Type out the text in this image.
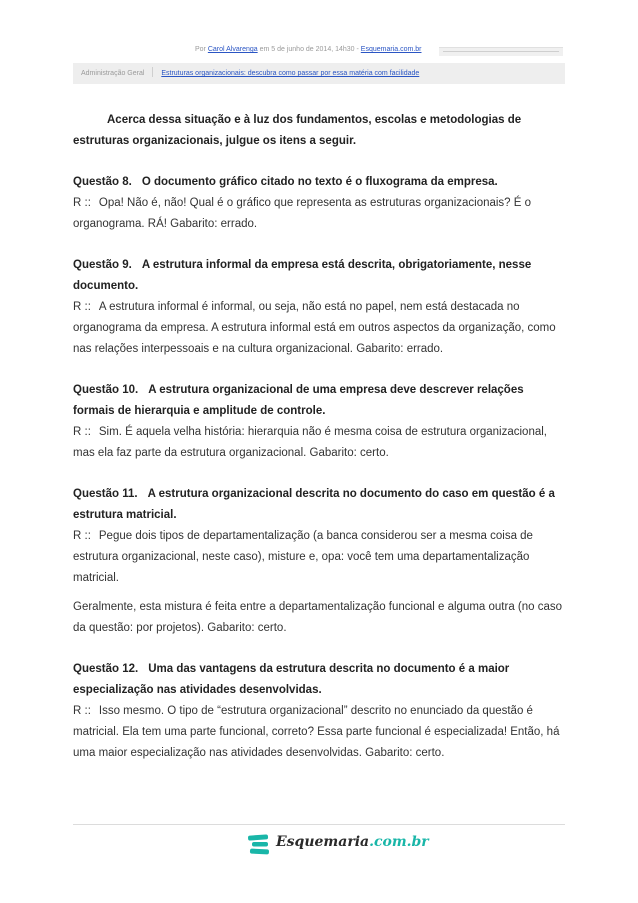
Por Carol Alvarenga em 5 de junho de 2014, 14h30 - Esquemaria.com.br
Administração Geral Estruturas organizacionais: descubra como passar por essa matéria com facilidade

Acerca dessa situação e à luz dos fundamentos, escolas e metodologias de estruturas organizacionais, julgue os itens a seguir.

Questão 8. O documento gráfico citado no texto é o fluxograma da empresa.

R :: Opa! Não é, não! Qual é o gráfico que representa as estruturas organizacionais? É o organograma. RÁ! Gabarito: errado.

Questão 9. A estrutura informal da empresa está descrita, obrigatoriamente, nesse documento.

R :: A estrutura informal é informal, ou seja, não está no papel, nem está destacada no organograma da empresa. A estrutura informal está em outros aspectos da organização, como nas relações interpessoais e na cultura organizacional. Gabarito: errado.

Questão 10. A estrutura organizacional de uma empresa deve descrever relações formais de hierarquia e amplitude de controle.

R :: Sim. É aquela velha história: hierarquia não é mesma coisa de estrutura organizacional, mas ela faz parte da estrutura organizacional. Gabarito: certo.

Questão 11. A estrutura organizacional descrita no documento do caso em questão é a estrutura matricial.

R :: Pegue dois tipos de departamentalização (a banca considerou ser a mesma coisa de estrutura organizacional, neste caso), misture e, opa: você tem uma departamentalização matricial.

Geralmente, esta mistura é feita entre a departamentalização funcional e alguma outra (no caso da questão: por projetos). Gabarito: certo.

Questão 12. Uma das vantagens da estrutura descrita no documento é a maior especialização nas atividades desenvolvidas.

R :: Isso mesmo. O tipo de “estrutura organizacional” descrito no enunciado da questão é matricial. Ela tem uma parte funcional, correto? Essa parte funcional é especializada! Então, há uma maior especialização nas atividades desenvolvidas. Gabarito: certo.

Esquemaria.com.br
